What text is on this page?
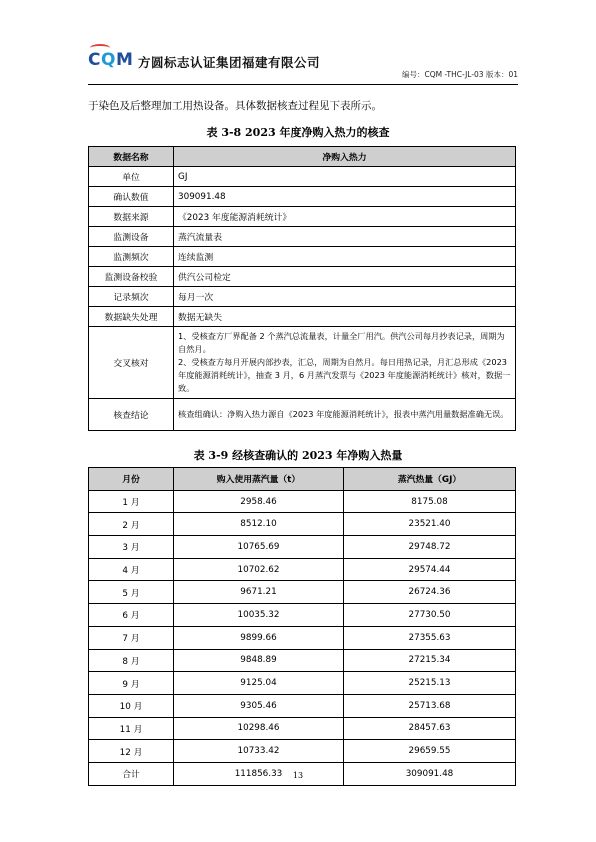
CQM 方圆标志认证集团福建有限公司
编号：CQM -THC-JL-03 版本：01
于染色及后整理加工用热设备。具体数据核查过程见下表所示。
表 3-8 2023 年度净购入热力的核查
数据名称	净购入热力
单位	GJ
确认数值	309091.48
数据来源	《2023 年度能源消耗统计》
监测设备	蒸汽流量表
监测频次	连续监测
监测设备校验	供汽公司检定
记录频次	每月一次
数据缺失处理	数据无缺失
交叉核对	1、受核查方厂界配备 2 个蒸汽总流量表，计量全厂用汽。供汽公司每月抄表记录，周期为自然月。
2、受核查方每月开展内部抄表，汇总，周期为自然月。每日用热记录，月汇总形成《2023 年度能源消耗统计》，抽查 3 月，6 月蒸汽发票与《2023 年度能源消耗统计》核对，数据一致。

核查结论	核查组确认：净购入热力源自《2023 年度能源消耗统计》，报表中蒸汽用量数据准确无误。
表 3-9 经核查确认的 2023 年净购入热量
月份	购入使用蒸汽量（t）	蒸汽热量（GJ）
1 月	2958.46	8175.08
2 月	8512.10	23521.40
3 月	10765.69	29748.72
4 月	10702.62	29574.44
5 月	9671.21	26724.36
6 月	10035.32	27730.50
7 月	9899.66	27355.63
8 月	9848.89	27215.34
9 月	9125.04	25215.13
10 月	9305.46	25713.68
11 月	10298.46	28457.63
12 月	10733.42	29659.55
合计	111856.33	309091.48
13
